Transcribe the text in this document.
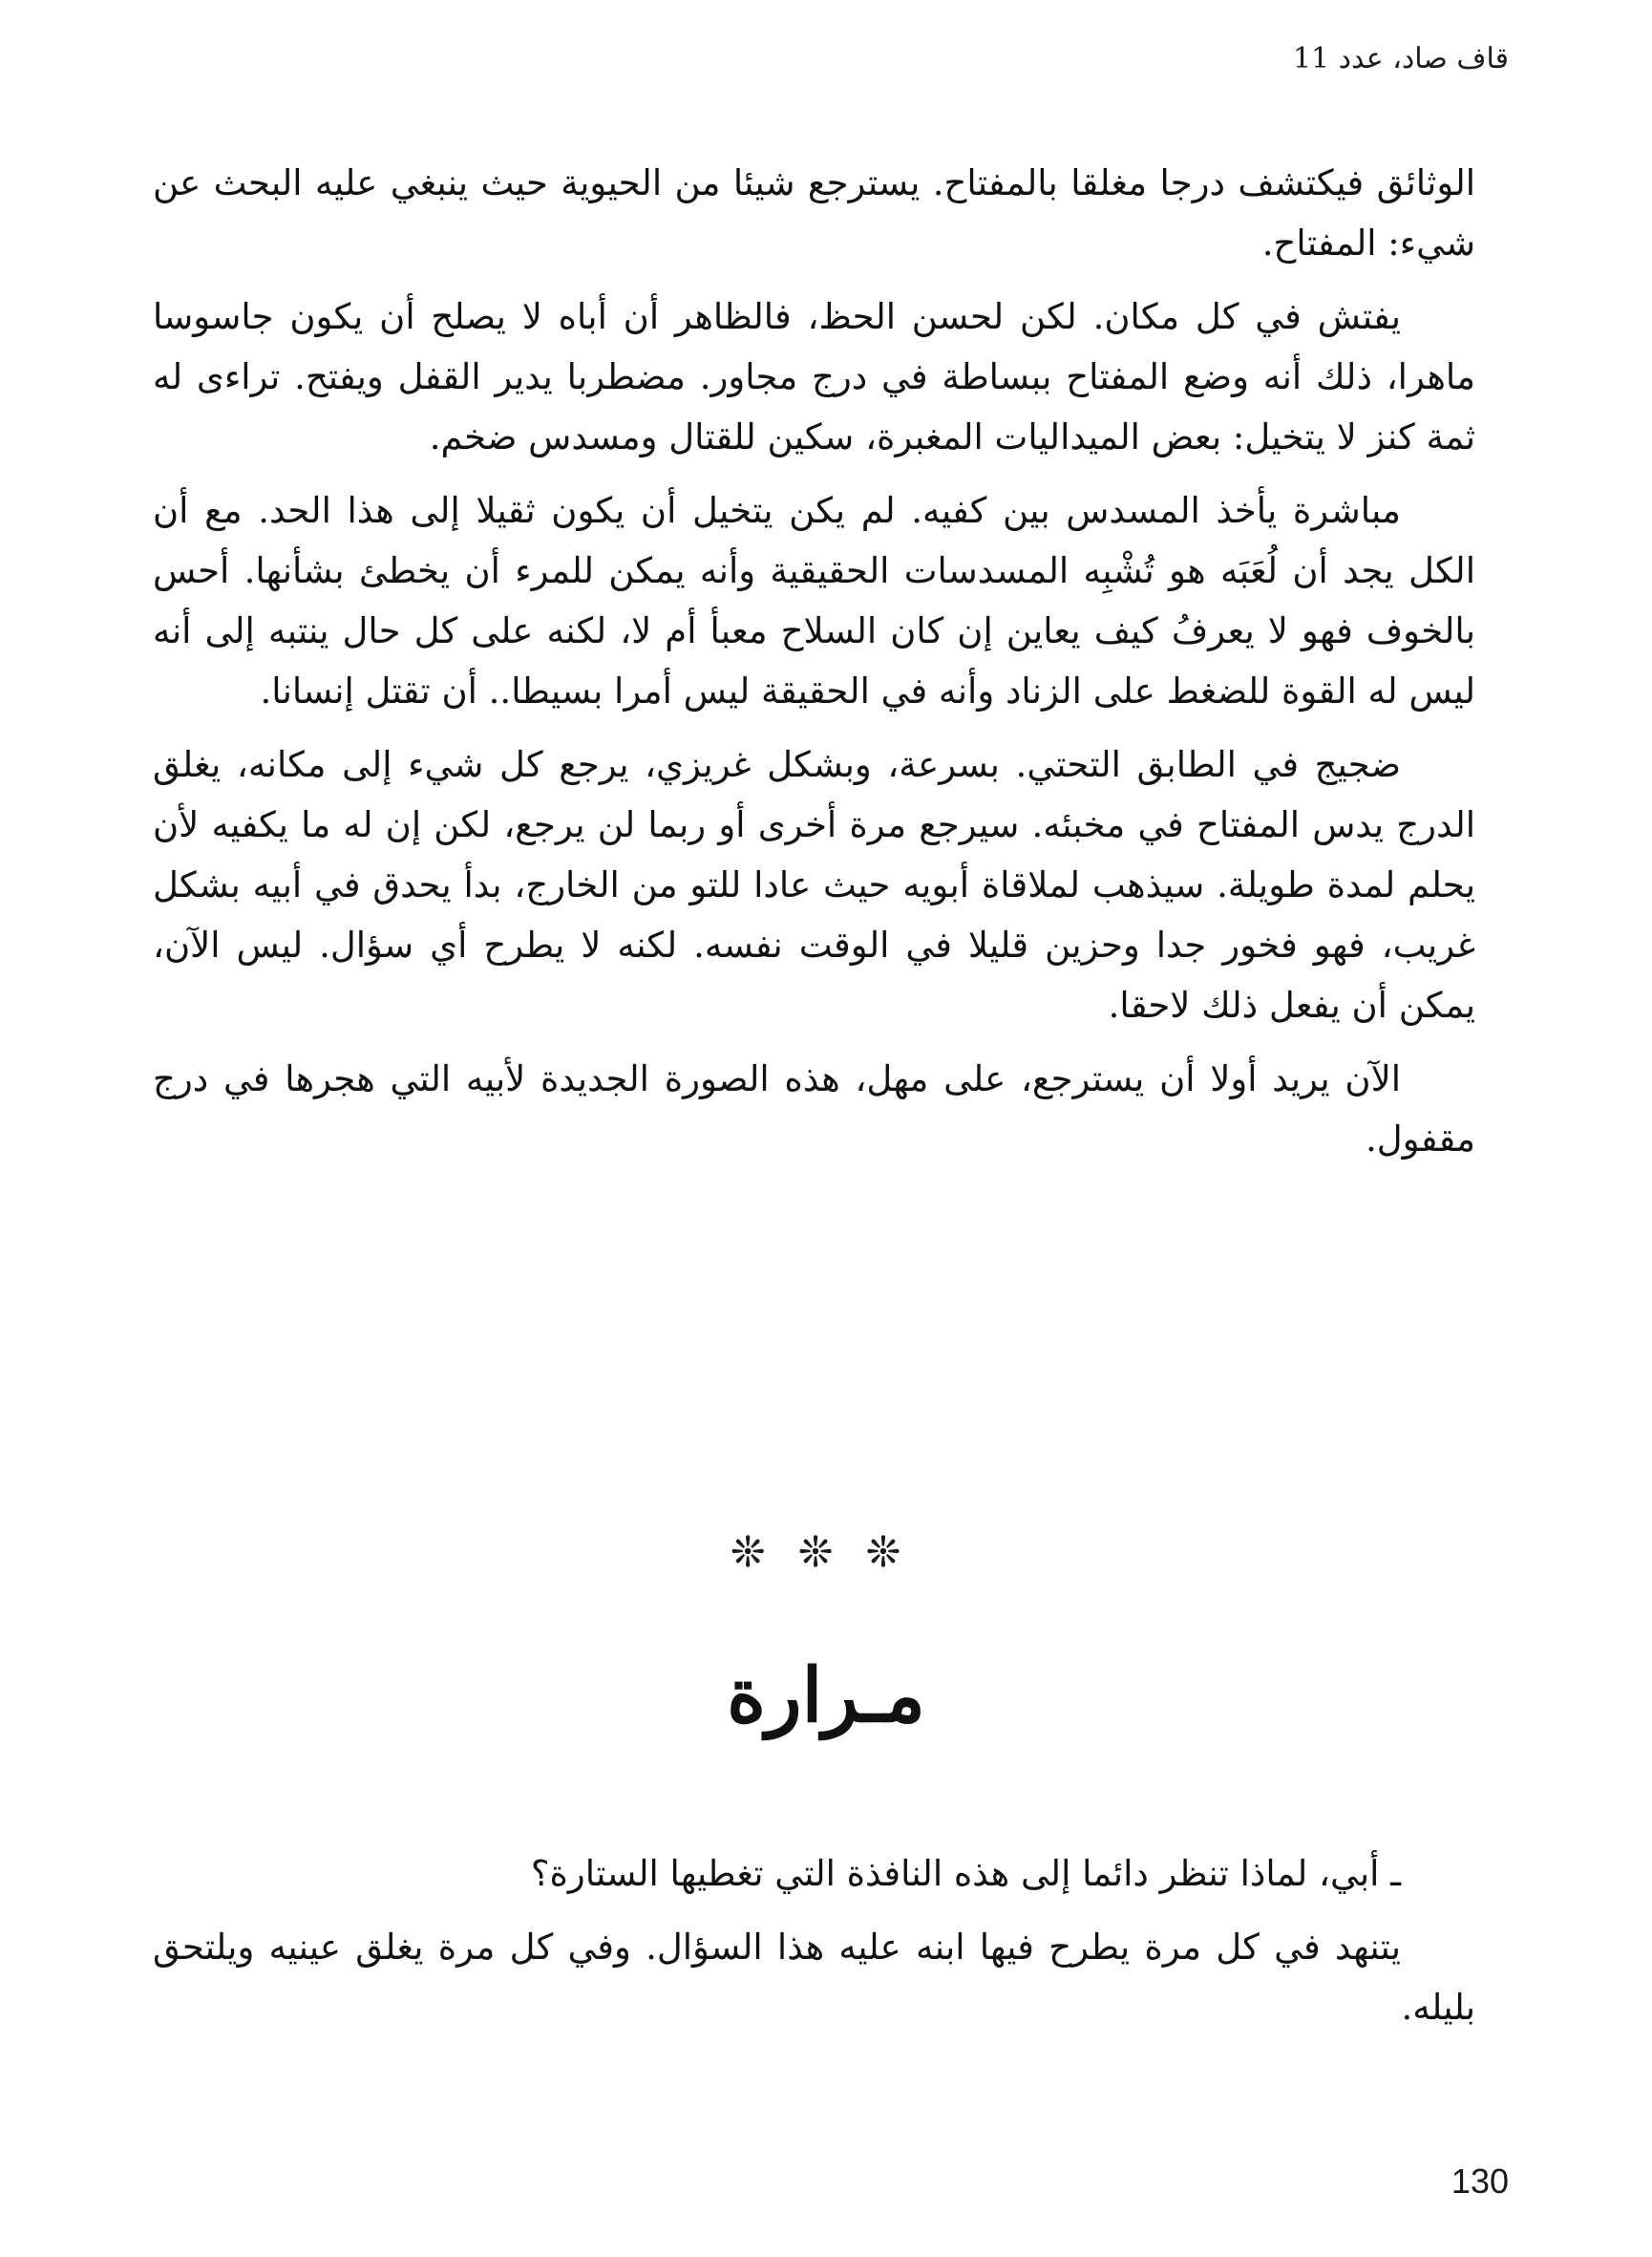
قاف صاد، عدد 11

الوثائق فيكتشف درجا مغلقا بالمفتاح. يسترجع شيئا من الحيوية حيث ينبغي عليه البحث عن شيء: المفتاح.

يفتش في كل مكان. لكن لحسن الحظ، فالظاهر أن أباه لا يصلح أن يكون جاسوسا ماهرا، ذلك أنه وضع المفتاح ببساطة في درج مجاور. مضطربا يدير القفل ويفتح. تراءى له ثمة كنز لا يتخيل: بعض الميداليات المغبرة، سكين للقتال ومسدس ضخم.

مباشرة يأخذ المسدس بين كفيه. لم يكن يتخيل أن يكون ثقيلا إلى هذا الحد. مع أن الكل يجد أن لُعَبَه هو تُشْبِه المسدسات الحقيقية وأنه يمكن للمرء أن يخطئ بشأنها. أحس بالخوف فهو لا يعرفُ كيف يعاين إن كان السلاح معبأ أم لا، لكنه على كل حال ينتبه إلى أنه ليس له القوة للضغط على الزناد وأنه في الحقيقة ليس أمرا بسيطا.. أن تقتل إنسانا.

ضجيج في الطابق التحتي. بسرعة، وبشكل غريزي، يرجع كل شيء إلى مكانه، يغلق الدرج يدس المفتاح في مخبئه. سيرجع مرة أخرى أو ربما لن يرجع، لكن إن له ما يكفيه لأن يحلم لمدة طويلة. سيذهب لملاقاة أبويه حيث عادا للتو من الخارج، بدأ يحدق في أبيه بشكل غريب، فهو فخور جدا وحزين قليلا في الوقت نفسه. لكنه لا يطرح أي سؤال. ليس الآن، يمكن أن يفعل ذلك لاحقا.

الآن يريد أولا أن يسترجع، على مهل، هذه الصورة الجديدة لأبيه التي هجرها في درج مقفول.

❊ ❊ ❊
مـرارة

ـ أبي، لماذا تنظر دائما إلى هذه النافذة التي تغطيها الستارة؟

يتنهد في كل مرة يطرح فيها ابنه عليه هذا السؤال. وفي كل مرة يغلق عينيه ويلتحق بليله.

130
